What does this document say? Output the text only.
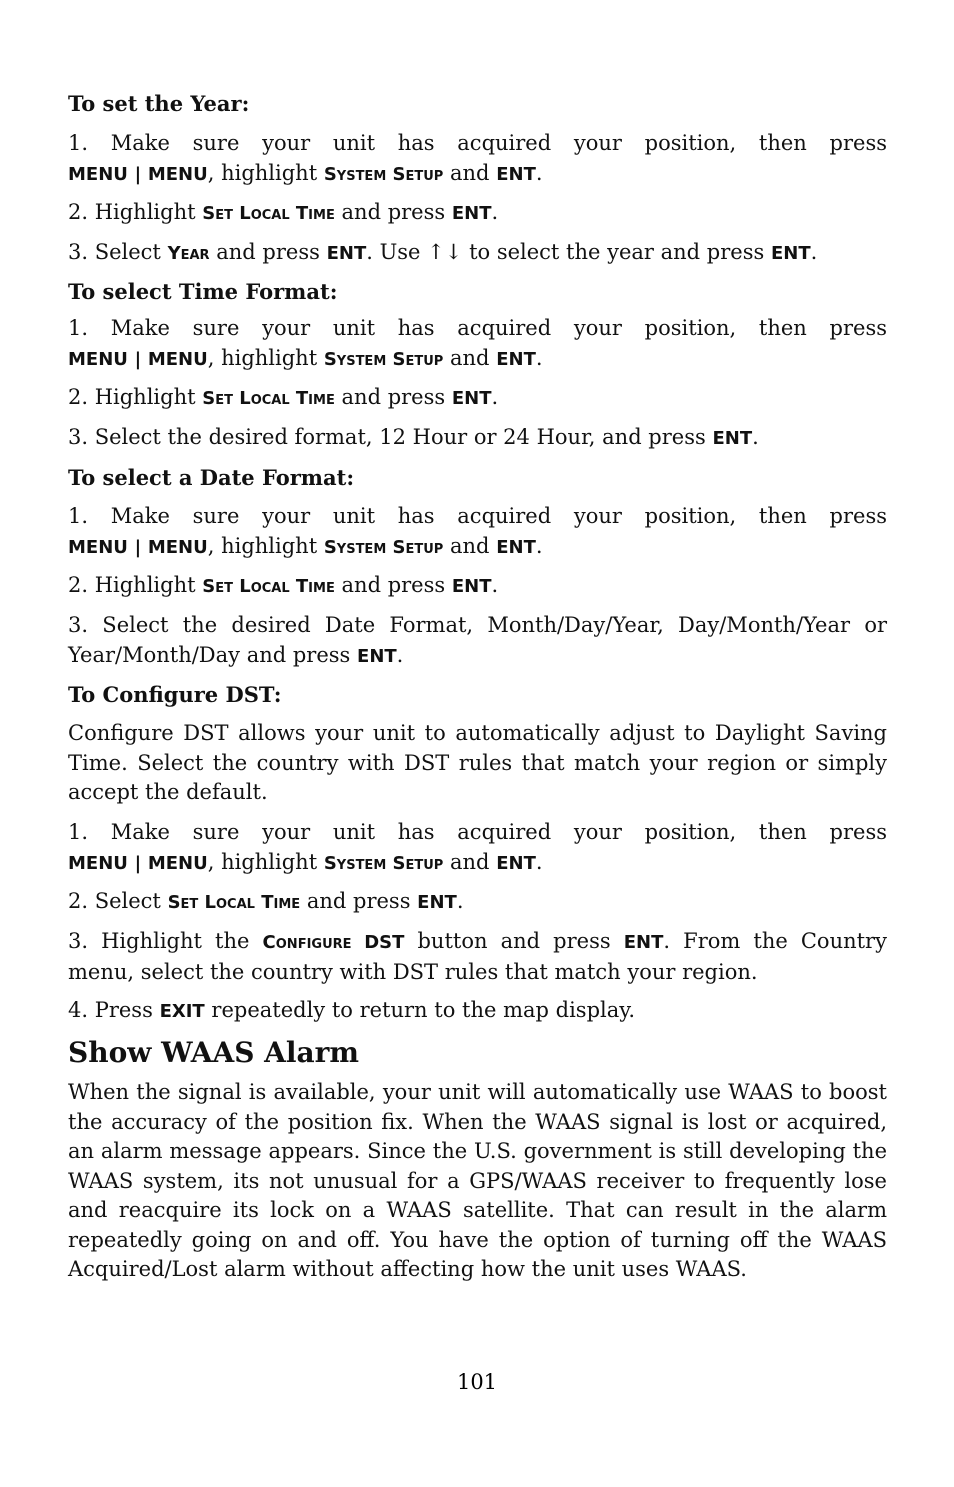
To set the Year:

1. Make sure your unit has acquired your position, then press
MENU | MENU, highlight System Setup and ENT.

2. Highlight Set Local Time and press ENT.

3. Select Year and press ENT. Use ↑↓ to select the year and press ENT.

To select Time Format:

1. Make sure your unit has acquired your position, then press
MENU | MENU, highlight System Setup and ENT.

2. Highlight Set Local Time and press ENT.

3. Select the desired format, 12 Hour or 24 Hour, and press ENT.

To select a Date Format:

1. Make sure your unit has acquired your position, then press
MENU | MENU, highlight System Setup and ENT.

2. Highlight Set Local Time and press ENT.

3. Select the desired Date Format, Month/Day/Year, Day/Month/Year or Year/Month/Day and press ENT.

To Configure DST:

Configure DST allows your unit to automatically adjust to Daylight Saving Time. Select the country with DST rules that match your region or simply accept the default.

1. Make sure your unit has acquired your position, then press
MENU | MENU, highlight System Setup and ENT.

2. Select Set Local Time and press ENT.

3. Highlight the Configure DST button and press ENT. From the Country menu, select the country with DST rules that match your region.

4. Press EXIT repeatedly to return to the map display.

Show WAAS Alarm

When the signal is available, your unit will automatically use WAAS to boost the accuracy of the position fix. When the WAAS signal is lost or acquired, an alarm message appears. Since the U.S. government is still developing the WAAS system, its not unusual for a GPS/WAAS receiver to frequently lose and reacquire its lock on a WAAS satellite. That can result in the alarm repeatedly going on and off. You have the option of turning off the WAAS Acquired/Lost alarm without affecting how the unit uses WAAS.

101
